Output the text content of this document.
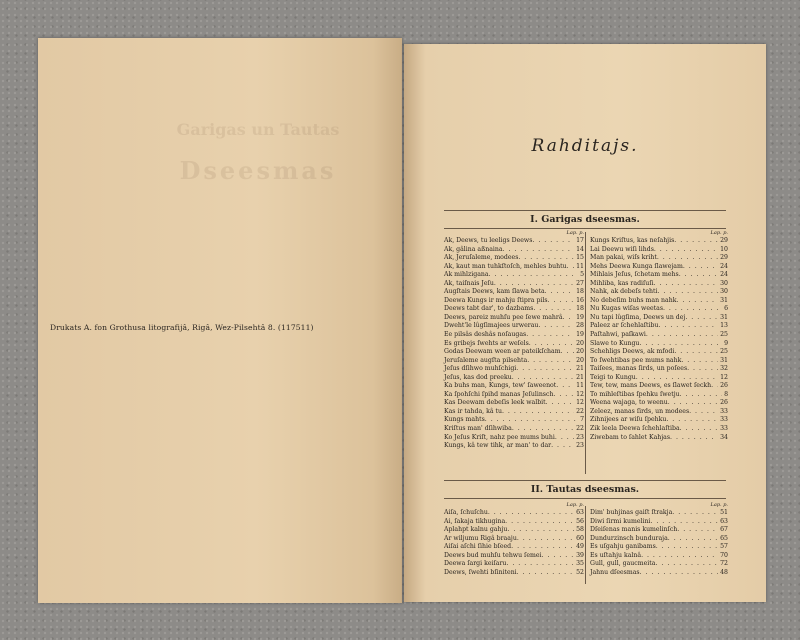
Garigas un Tautas
Dseesmas
Drukats A. fon Grothusa litografijâ, Rigâ, Wez-Pilsehtâ 8. (117511)
Rahditajs.
I. Garigas dseesmas.
Lap. p.
Ak, Deews, tu leeligs Deews . . .	17
Ak, gâlina aßnaina . . .	14
Ak, Jeruſaleme, modees . . .	15
Ak, kaut man tuhkſtoſch, mehles buhtu . . .	11
Ak mihlzigana . . .	5
Ak, taiſnais Jeſu . . .	27
Augſtais Deews, kam ſlawa beta . . .	18
Deewa Kungs ir mahju ſtipra pils . . .	16
Deews tabt dar', to dazbams . . .	18
Deews, pareiz muhſu pee ſewe mahrâ . . .	19
Dweht'le lûgſimajees urwerau . . .	28
Ee pilsâs deshâs noſaugas . . .	19
Es gribejs ſwehts ar weſels . . .	20
Godas Deewam ween ar pateikſcham . . .	20
Jeruſaleme augſta pilsehta . . .	20
Jeſus dſihwo muhſchigi . . .	21
Jeſus, kas dod preeku . . .	21
Ka buhs man, Kungs, tew' ſaweenot . . .	11
Ka ſpohſchi ſpihd manas Jeſulinsch . . .	12
Kas Deewam debeſis leek walbit . . .	12
Kas ir tahda, kâ tu . . .	22
Kungs mahts . . .	7
Kriſtus man' dſihwiba . . .	22
Ko Jeſus Kriſt, nahz pee mums buhi . . .	23
Kungs, kâ tew tihk, ar man' to dar . . .	23
Lap. p.
Kungs Kriſtus, kas neſahjis . . .	29
Lai Deewu wiſi lihds . . .	10
Man pakai, wiſs kriht . . .	29
Mehs Deewa Kunga ſlawejam . . .	24
Mihlais Jeſus, ſchetam mehs . . .	24
Mihliba, kas radiſuſi . . .	30
Nahk, ak debeſs tehti . . .	30
No debeſim buhs man nahk . . .	31
Nu Kugas wiſas weetas . . .	6
Nu tapi lûgſima, Deews un dej . . .	31
Paleez ar ſchehlaſtibu . . .	13
Paſtahwi, paſkawi . . .	25
Slawe to Kungu . . .	9
Schehligs Deews, ak mfodi . . .	25
To ſwehtibas pee mums nahk . . .	31
Taiſees, manas ſirds, un poſees . . .	32
Teigi to Kungu . . .	12
Tew, tew, mans Deews, es ſlawet ſeckh . . .	26
To mihleſtibas ſpehku ſwetju . . .	8
Weena wajaga, to weenu . . .	26
Zeleez, manas ſirds, un modees . . .	33
Zihnijees ar wiſu ſpehku . . .	33
Zik leela Deewa ſchehlaſtiba . . .	33
Ziwebam to ſahlet Kahjas . . .	34
II. Tautas dseesmas.
Lap. p.
Aiſa, ſchuſchu . . .	63
Ai, ſakaja tikhugina . . .	56
Aplahpt kalnu gahju . . .	58
Ar wiljumu Rigâ braaju . . .	60
Aiſai aſchi ſihie bſeed . . .	49
Deews bud muhſu tehwu ſemei . . .	39
Deewa ſargi keiſaru . . .	35
Deews, ſwehti bſiniteni . . .	52
Lap. p.
Dim' buhjinas gaiſt ſtrakja . . .	51
Diwi ſirmi kumelini . . .	63
Dſeiſenas manis kumelinſch . . .	67
Dundurzinsch bunduraja . . .	65
Es uſgahju ganibams . . .	57
Es uſtahju kalnâ . . .	70
Gull, gull, gaucmeita . . .	72
Jahnu dſeesmas . . .	48
